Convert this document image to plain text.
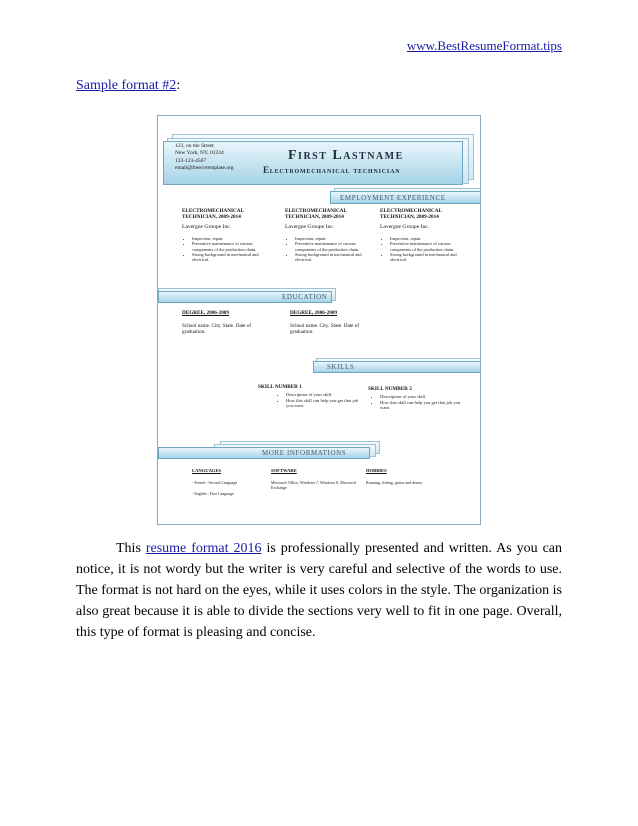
www.BestResumeFormat.tips
Sample format #2:
123, on the Street
New York, NY, 01234
123-123-4567
email@freecvtemplate.org
First Lastname
Electromechanical technician
EMPLOYMENT EXPERIENCE
ELECTROMECHANICAL
TECHNICIAN, 2009-2014
Lavergne Groupe Inc.
• Inspection, repair.
• Preventive maintenance of various components of the production chain.
• Strong background in mechanical and electrical.
ELECTROMECHANICAL
TECHNICIAN, 2009-2014
Lavergne Groupe Inc.
• Inspection, repair.
• Preventive maintenance of various components of the production chain.
• Strong background in mechanical and electrical.
ELECTROMECHANICAL
TECHNICIAN, 2009-2014
Lavergne Groupe Inc.
• Inspection, repair.
• Preventive maintenance of various components of the production chain.
• Strong background in mechanical and electrical.
EDUCATION
DEGREE, 2006-2009
School name. City. State. Date of graduation.
DEGREE, 2006-2009
School name. City. State. Date of graduation.
SKILLS
SKILL NUMBER 1
• Description of your skill.
• How this skill can help you get that job you want.
SKILL NUMBER 2
• Description of your skill.
• How this skill can help you get that job you want.
MORE INFORMATIONS
LANGUAGES
- French : Second Language
- English : First Language
SOFTWARE
Microsoft Office, Windows 7, Windows 8, Microsoft Exchange
HOBBIES
Running, fishing, guitar and drums.
This resume format 2016 is professionally presented and written. As you can notice, it is not wordy but the writer is very careful and selective of the words to use. The format is not hard on the eyes, while it uses colors in the style. The organization is also great because it is able to divide the sections very well to fit in one page. Overall, this type of format is pleasing and concise.
